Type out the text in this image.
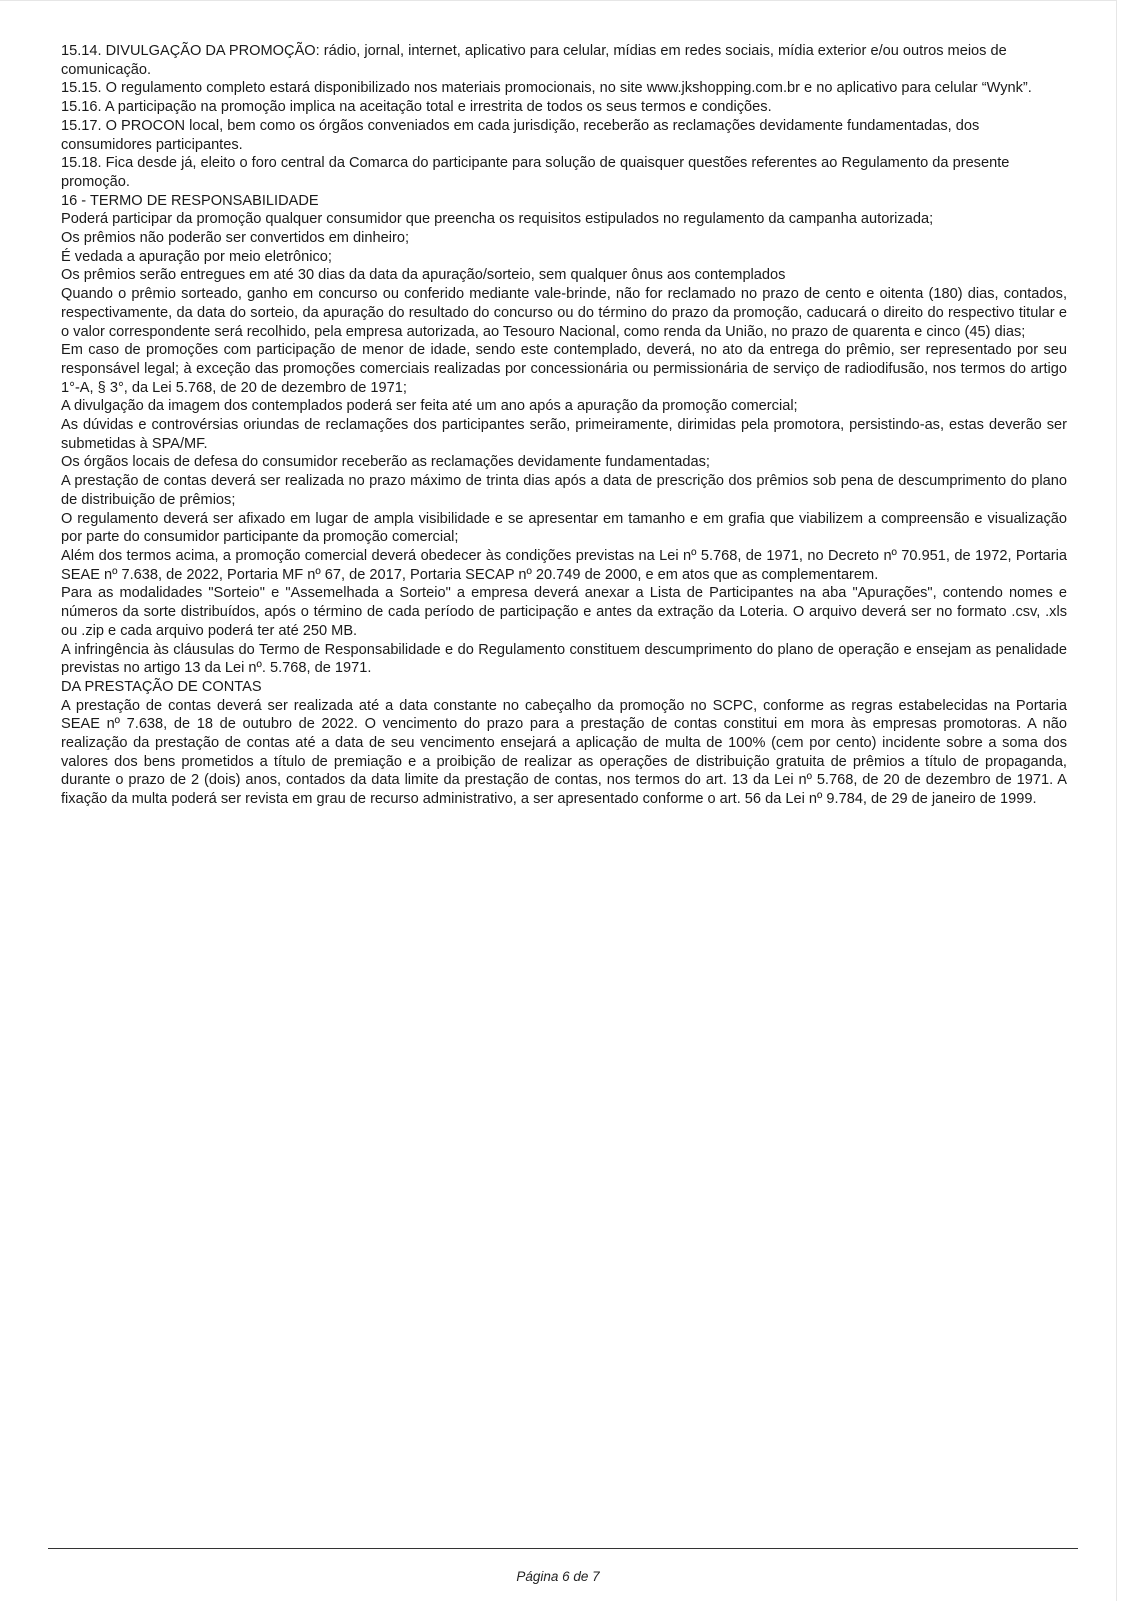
15.14. DIVULGAÇÃO DA PROMOÇÃO: rádio, jornal, internet, aplicativo para celular, mídias em redes sociais, mídia exterior e/ou outros meios de comunicação.

15.15. O regulamento completo estará disponibilizado nos materiais promocionais, no site www.jkshopping.com.br e no aplicativo para celular “Wynk”.

15.16. A participação na promoção implica na aceitação total e irrestrita de todos os seus termos e condições.

15.17. O PROCON local, bem como os órgãos conveniados em cada jurisdição, receberão as reclamações devidamente fundamentadas, dos consumidores participantes.

15.18. Fica desde já, eleito o foro central da Comarca do participante para solução de quaisquer questões referentes ao Regulamento da presente promoção.

16 - TERMO DE RESPONSABILIDADE

Poderá participar da promoção qualquer consumidor que preencha os requisitos estipulados no regulamento da campanha autorizada;

Os prêmios não poderão ser convertidos em dinheiro;

É vedada a apuração por meio eletrônico;

Os prêmios serão entregues em até 30 dias da data da apuração/sorteio, sem qualquer ônus aos contemplados

Quando o prêmio sorteado, ganho em concurso ou conferido mediante vale-brinde, não for reclamado no prazo de cento e oitenta (180) dias, contados, respectivamente, da data do sorteio, da apuração do resultado do concurso ou do término do prazo da promoção, caducará o direito do respectivo titular e o valor correspondente será recolhido, pela empresa autorizada, ao Tesouro Nacional, como renda da União, no prazo de quarenta e cinco (45) dias;

Em caso de promoções com participação de menor de idade, sendo este contemplado, deverá, no ato da entrega do prêmio, ser representado por seu responsável legal; à exceção das promoções comerciais realizadas por concessionária ou permissionária de serviço de radiodifusão, nos termos do artigo 1°-A, § 3°, da Lei 5.768, de 20 de dezembro de 1971;

A divulgação da imagem dos contemplados poderá ser feita até um ano após a apuração da promoção comercial;

As dúvidas e controvérsias oriundas de reclamações dos participantes serão, primeiramente, dirimidas pela promotora, persistindo-as, estas deverão ser submetidas à SPA/MF.

Os órgãos locais de defesa do consumidor receberão as reclamações devidamente fundamentadas;

A prestação de contas deverá ser realizada no prazo máximo de trinta dias após a data de prescrição dos prêmios sob pena de descumprimento do plano de distribuição de prêmios;

O regulamento deverá ser afixado em lugar de ampla visibilidade e se apresentar em tamanho e em grafia que viabilizem a compreensão e visualização por parte do consumidor participante da promoção comercial;

Além dos termos acima, a promoção comercial deverá obedecer às condições previstas na Lei nº 5.768, de 1971, no Decreto nº 70.951, de 1972, Portaria SEAE nº 7.638, de 2022, Portaria MF nº 67, de 2017, Portaria SECAP nº 20.749 de 2000, e em atos que as complementarem.

Para as modalidades "Sorteio" e "Assemelhada a Sorteio" a empresa deverá anexar a Lista de Participantes na aba "Apurações", contendo nomes e números da sorte distribuídos, após o término de cada período de participação e antes da extração da Loteria. O arquivo deverá ser no formato .csv, .xls ou .zip e cada arquivo poderá ter até 250 MB.

A infringência às cláusulas do Termo de Responsabilidade e do Regulamento constituem descumprimento do plano de operação e ensejam as penalidade previstas no artigo 13 da Lei nº. 5.768, de 1971.

DA PRESTAÇÃO DE CONTAS

A prestação de contas deverá ser realizada até a data constante no cabeçalho da promoção no SCPC, conforme as regras estabelecidas na Portaria SEAE nº 7.638, de 18 de outubro de 2022. O vencimento do prazo para a prestação de contas constitui em mora às empresas promotoras. A não realização da prestação de contas até a data de seu vencimento ensejará a aplicação de multa de 100% (cem por cento) incidente sobre a soma dos valores dos bens prometidos a título de premiação e a proibição de realizar as operações de distribuição gratuita de prêmios a título de propaganda, durante o prazo de 2 (dois) anos, contados da data limite da prestação de contas, nos termos do art. 13 da Lei nº 5.768, de 20 de dezembro de 1971. A fixação da multa poderá ser revista em grau de recurso administrativo, a ser apresentado conforme o art. 56 da Lei nº 9.784, de 29 de janeiro de 1999.

Página 6 de 7
